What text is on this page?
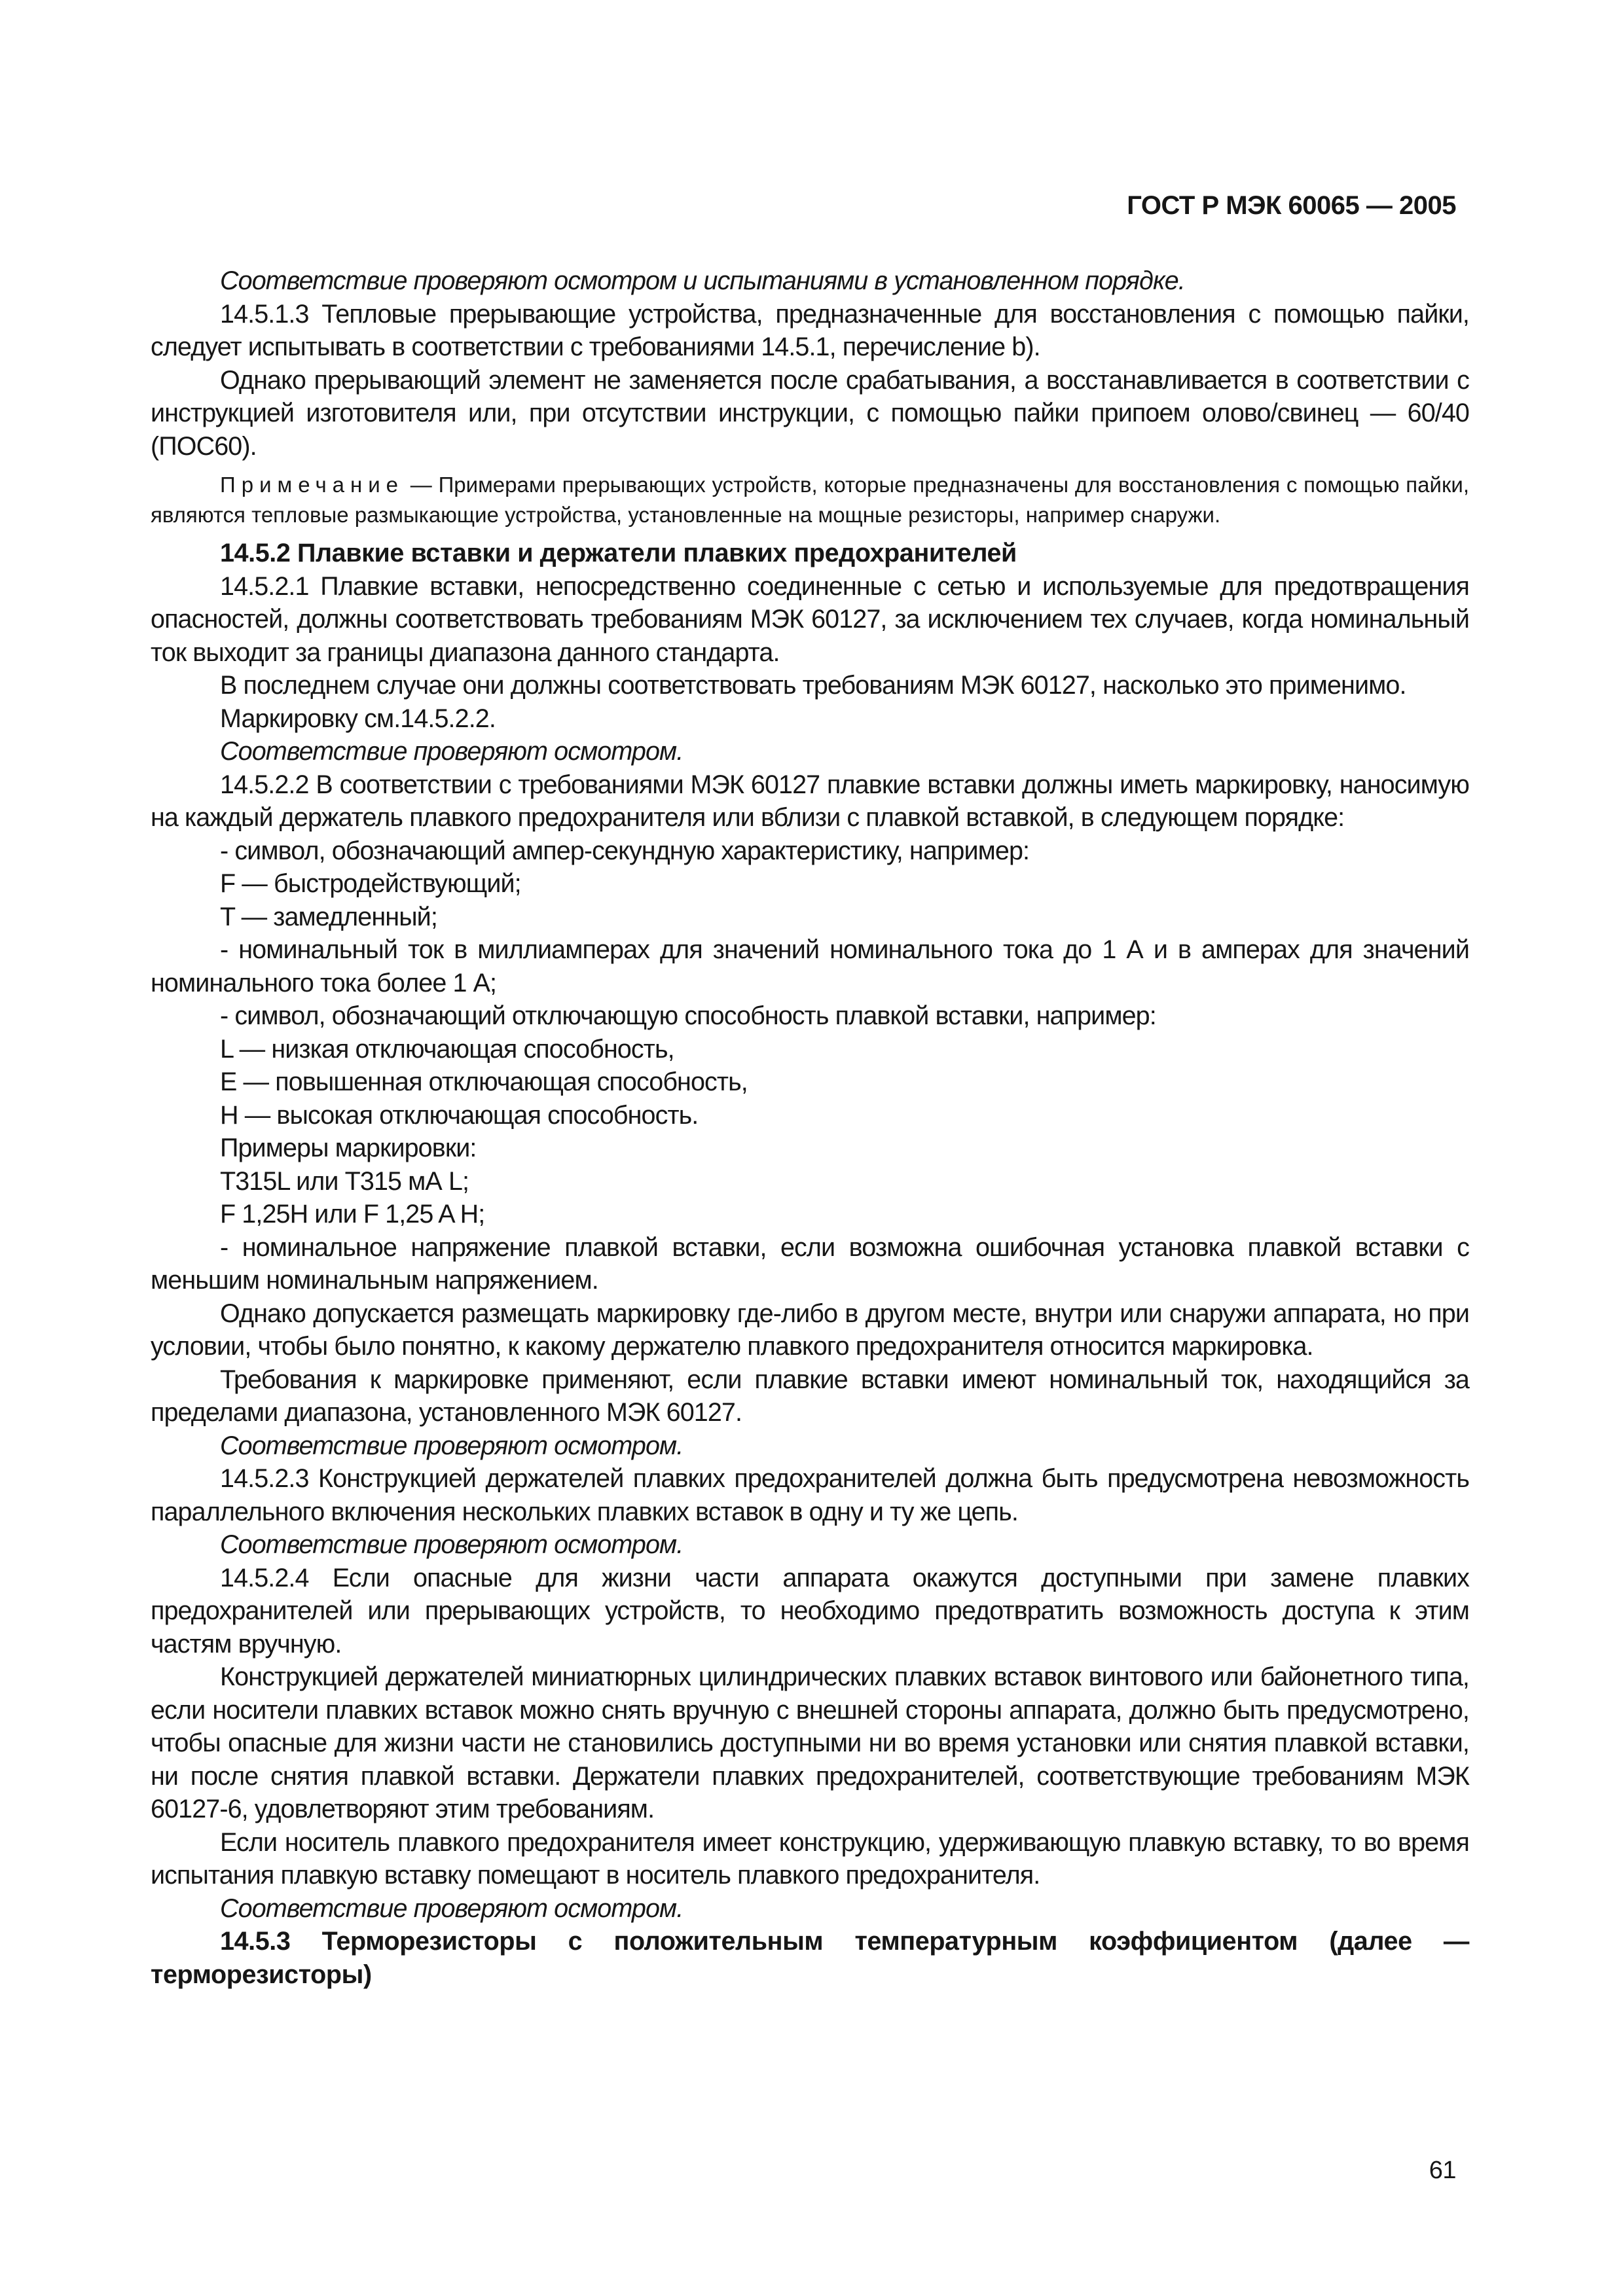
ГОСТ Р МЭК 60065 — 2005

Соответствие проверяют осмотром и испытаниями в установленном порядке.

14.5.1.3 Тепловые прерывающие устройства, предназначенные для восстановления с помощью пайки, следует испытывать в соответствии с требованиями 14.5.1, перечисление b).

Однако прерывающий элемент не заменяется после срабатывания, а восстанавливается в соответствии с инструкцией изготовителя или, при отсутствии инструкции, с помощью пайки припоем олово/свинец — 60/40 (ПОС60).

Примечание — Примерами прерывающих устройств, которые предназначены для восстановления с помощью пайки, являются тепловые размыкающие устройства, установленные на мощные резисторы, например снаружи.

14.5.2 Плавкие вставки и держатели плавких предохранителей

14.5.2.1 Плавкие вставки, непосредственно соединенные с сетью и используемые для предотвращения опасностей, должны соответствовать требованиям МЭК 60127, за исключением тех случаев, когда номинальный ток выходит за границы диапазона данного стандарта.

В последнем случае они должны соответствовать требованиям МЭК 60127, насколько это применимо.

Маркировку см.14.5.2.2.

Соответствие проверяют осмотром.

14.5.2.2 В соответствии с требованиями МЭК 60127 плавкие вставки должны иметь маркировку, наносимую на каждый держатель плавкого предохранителя или вблизи с плавкой вставкой, в следующем порядке:

- символ, обозначающий ампер-секундную характеристику, например:

F — быстродействующий;

T — замедленный;

- номинальный ток в миллиамперах для значений номинального тока до 1 А и в амперах для значений номинального тока более 1 А;

- символ, обозначающий отключающую способность плавкой вставки, например:

L — низкая отключающая способность,

E — повышенная отключающая способность,

H — высокая отключающая способность.

Примеры маркировки:

T315L или T315 мА L;

F 1,25H или F 1,25 A H;

- номинальное напряжение плавкой вставки, если возможна ошибочная установка плавкой вставки с меньшим номинальным напряжением.

Однако допускается размещать маркировку где-либо в другом месте, внутри или снаружи аппарата, но при условии, чтобы было понятно, к какому держателю плавкого предохранителя относится маркировка.

Требования к маркировке применяют, если плавкие вставки имеют номинальный ток, находящийся за пределами диапазона, установленного МЭК 60127.

Соответствие проверяют осмотром.

14.5.2.3 Конструкцией держателей плавких предохранителей должна быть предусмотрена невозможность параллельного включения нескольких плавких вставок в одну и ту же цепь.

Соответствие проверяют осмотром.

14.5.2.4 Если опасные для жизни части аппарата окажутся доступными при замене плавких предохранителей или прерывающих устройств, то необходимо предотвратить возможность доступа к этим частям вручную.

Конструкцией держателей миниатюрных цилиндрических плавких вставок винтового или байонетного типа, если носители плавких вставок можно снять вручную с внешней стороны аппарата, должно быть предусмотрено, чтобы опасные для жизни части не становились доступными ни во время установки или снятия плавкой вставки, ни после снятия плавкой вставки. Держатели плавких предохранителей, соответствующие требованиям МЭК 60127-6, удовлетворяют этим требованиям.

Если носитель плавкого предохранителя имеет конструкцию, удерживающую плавкую вставку, то во время испытания плавкую вставку помещают в носитель плавкого предохранителя.

Соответствие проверяют осмотром.

14.5.3 Терморезисторы с положительным температурным коэффициентом (далее — терморезисторы)

61
